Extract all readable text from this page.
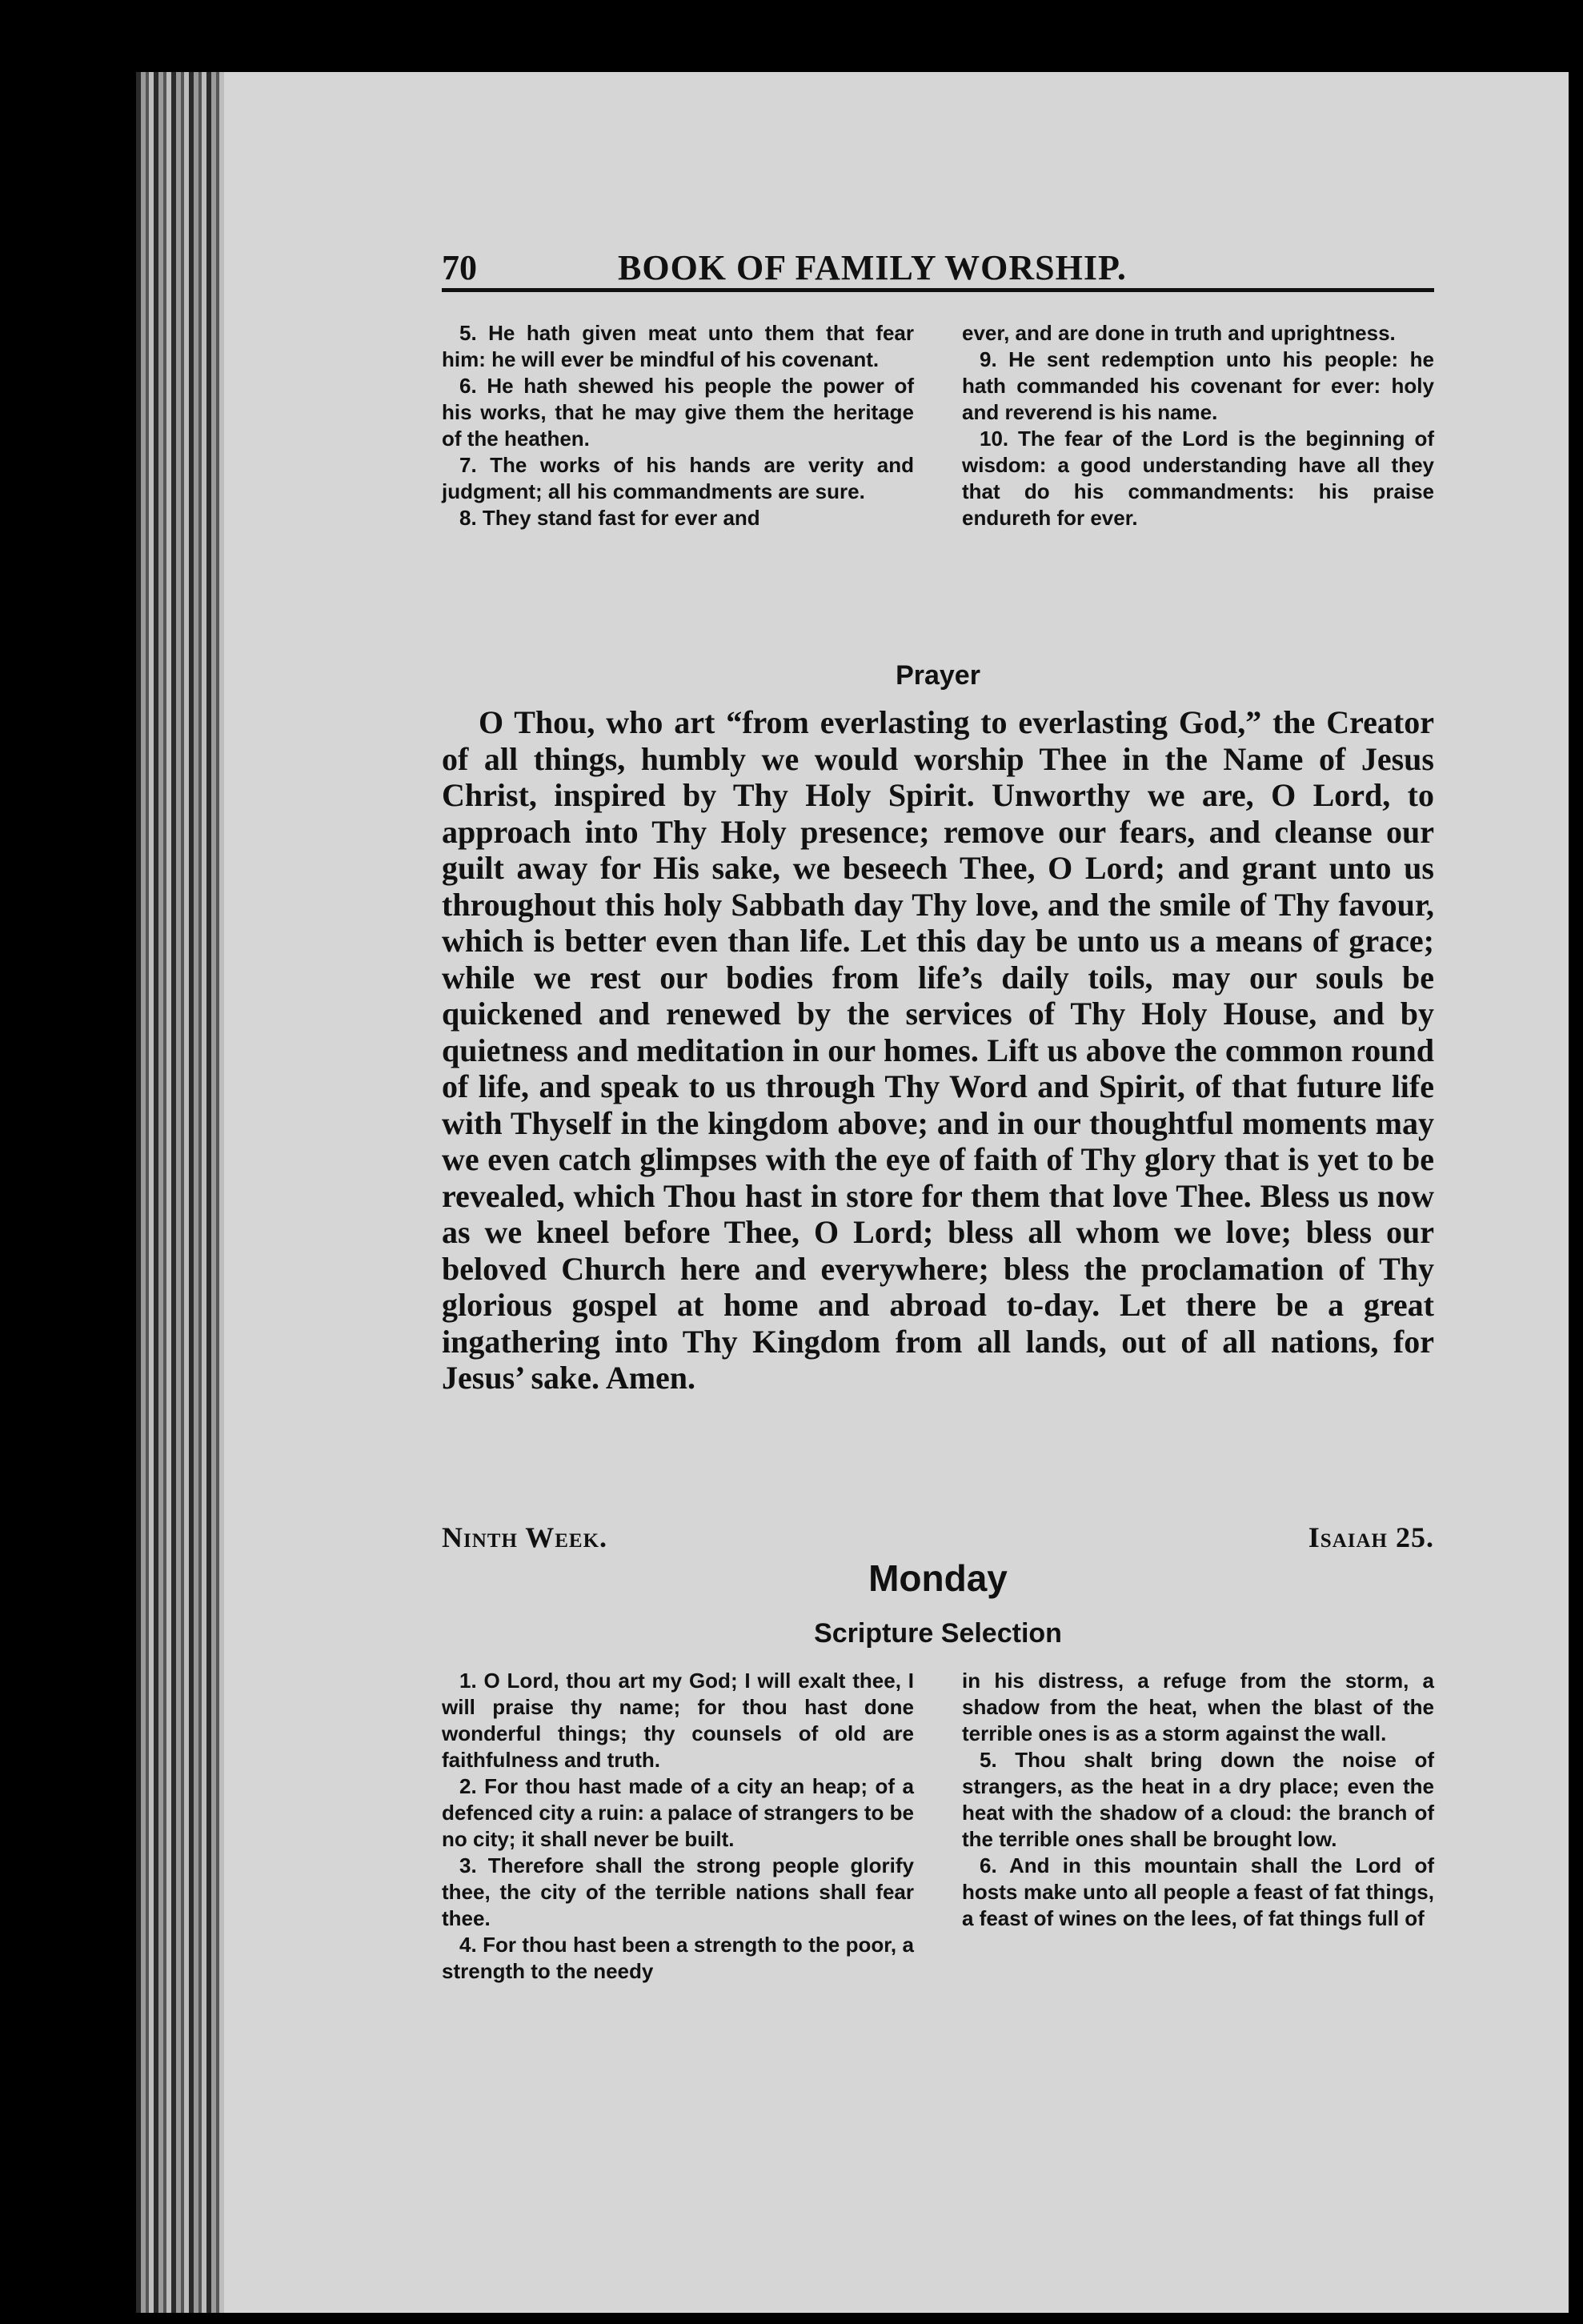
70	BOOK OF FAMILY WORSHIP.

5. He hath given meat unto them that fear him: he will ever be mindful of his covenant.

6. He hath shewed his people the power of his works, that he may give them the heritage of the heathen.

7. The works of his hands are verity and judgment; all his commandments are sure.

8. They stand fast for ever and

ever, and are done in truth and uprightness.

9. He sent redemption unto his people: he hath commanded his covenant for ever: holy and reverend is his name.

10. The fear of the Lord is the beginning of wisdom: a good understanding have all they that do his commandments: his praise endureth for ever.

Prayer

O Thou, who art “from everlasting to everlasting God,” the Creator of all things, humbly we would worship Thee in the Name of Jesus Christ, inspired by Thy Holy Spirit. Unworthy we are, O Lord, to approach into Thy Holy presence; remove our fears, and cleanse our guilt away for His sake, we beseech Thee, O Lord; and grant unto us throughout this holy Sabbath day Thy love, and the smile of Thy favour, which is better even than life. Let this day be unto us a means of grace; while we rest our bodies from life’s daily toils, may our souls be quickened and renewed by the services of Thy Holy House, and by quietness and meditation in our homes. Lift us above the common round of life, and speak to us through Thy Word and Spirit, of that future life with Thyself in the kingdom above; and in our thoughtful moments may we even catch glimpses with the eye of faith of Thy glory that is yet to be revealed, which Thou hast in store for them that love Thee. Bless us now as we kneel before Thee, O Lord; bless all whom we love; bless our beloved Church here and everywhere; bless the proclamation of Thy glorious gospel at home and abroad to-day. Let there be a great ingathering into Thy Kingdom from all lands, out of all nations, for Jesus’ sake. Amen.

Ninth Week.	Isaiah 25.
Monday
Scripture Selection

1. O Lord, thou art my God; I will exalt thee, I will praise thy name; for thou hast done wonderful things; thy counsels of old are faithfulness and truth.

2. For thou hast made of a city an heap; of a defenced city a ruin: a palace of strangers to be no city; it shall never be built.

3. Therefore shall the strong people glorify thee, the city of the terrible nations shall fear thee.

4. For thou hast been a strength to the poor, a strength to the needy

in his distress, a refuge from the storm, a shadow from the heat, when the blast of the terrible ones is as a storm against the wall.

5. Thou shalt bring down the noise of strangers, as the heat in a dry place; even the heat with the shadow of a cloud: the branch of the terrible ones shall be brought low.

6. And in this mountain shall the Lord of hosts make unto all people a feast of fat things, a feast of wines on the lees, of fat things full of
